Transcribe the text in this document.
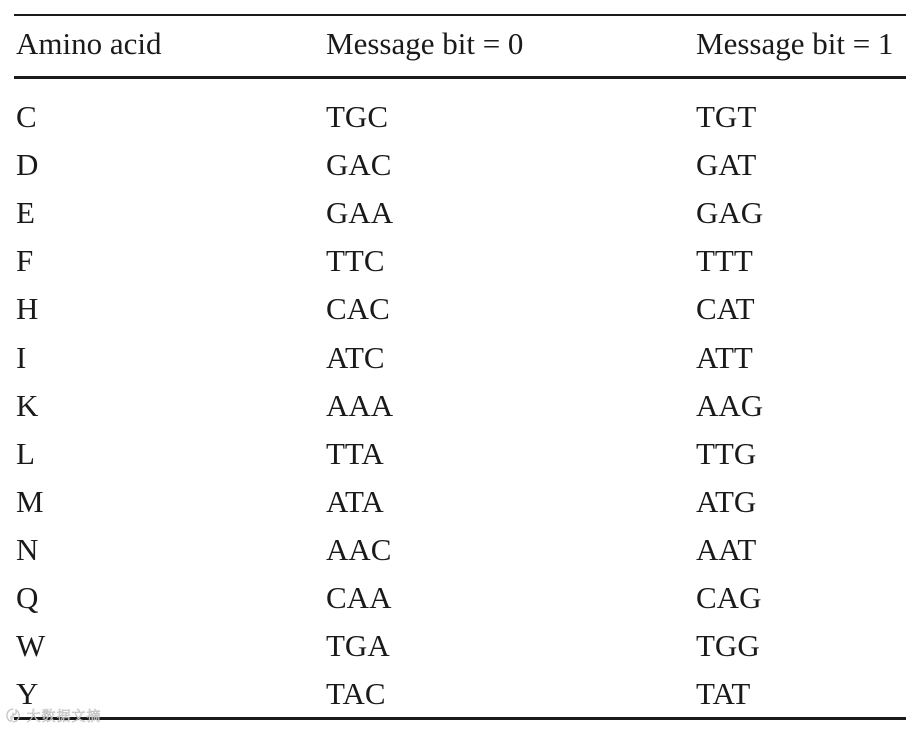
Amino acid	Message bit = 0	Message bit = 1
C	TGC	TGT
D	GAC	GAT
E	GAA	GAG
F	TTC	TTT
H	CAC	CAT
I	ATC	ATT
K	AAA	AAG
L	TTA	TTG
M	ATA	ATG
N	AAC	AAT
Q	CAA	CAG
W	TGA	TGG
Y	TAC	TAT
〄 大数据文摘
